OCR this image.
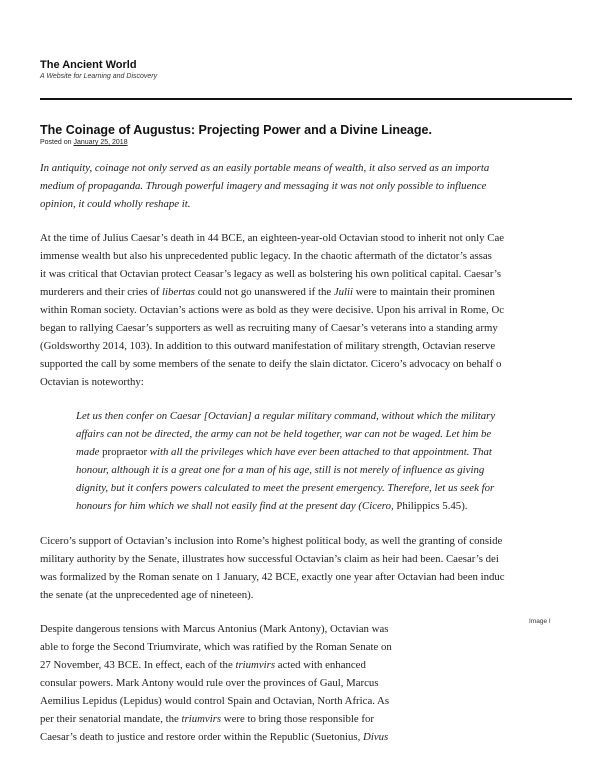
The Ancient World
A Website for Learning and Discovery
The Coinage of Augustus: Projecting Power and a Divine Lineage.
Posted on January 25, 2018
In antiquity, coinage not only served as an easily portable means of wealth, it also served as an importa
medium of propaganda. Through powerful imagery and messaging it was not only possible to influence
opinion, it could wholly reshape it.
At the time of Julius Caesar’s death in 44 BCE, an eighteen-year-old Octavian stood to inherit not only Cae
immense wealth but also his unprecedented public legacy. In the chaotic aftermath of the dictator’s assas
it was critical that Octavian protect Ceasar’s legacy as well as bolstering his own political capital. Caesar’s
murderers and their cries of libertas could not go unanswered if the Julii were to maintain their prominen
within Roman society. Octavian’s actions were as bold as they were decisive. Upon his arrival in Rome, Oc
began to rallying Caesar’s supporters as well as recruiting many of Caesar’s veterans into a standing army
(Goldsworthy 2014, 103). In addition to this outward manifestation of military strength, Octavian reserve
supported the call by some members of the senate to deify the slain dictator. Cicero’s advocacy on behalf o
Octavian is noteworthy:
Let us then confer on Caesar [Octavian] a regular military command, without which the military
affairs can not be directed, the army can not be held together, war can not be waged. Let him be
made propraetor with all the privileges which have ever been attached to that appointment. That
honour, although it is a great one for a man of his age, still is not merely of influence as giving
dignity, but it confers powers calculated to meet the present emergency. Therefore, let us seek for
honours for him which we shall not easily find at the present day (Cicero, Philippics 5.45).
Cicero’s support of Octavian’s inclusion into Rome’s highest political body, as well the granting of conside
military authority by the Senate, illustrates how successful Octavian’s claim as heir had been. Caesar’s dei
was formalized by the Roman senate on 1 January, 42 BCE, exactly one year after Octavian had been induc
the senate (at the unprecedented age of nineteen).
Despite dangerous tensions with Marcus Antonius (Mark Antony), Octavian was
able to forge the Second Triumvirate, which was ratified by the Roman Senate on
27 November, 43 BCE. In effect, each of the triumvirs acted with enhanced
consular powers. Mark Antony would rule over the provinces of Gaul, Marcus
Aemilius Lepidus (Lepidus) would control Spain and Octavian, North Africa. As
per their senatorial mandate, the triumvirs were to bring those responsible for
Caesar’s death to justice and restore order within the Republic (Suetonius, Divus
Image I
